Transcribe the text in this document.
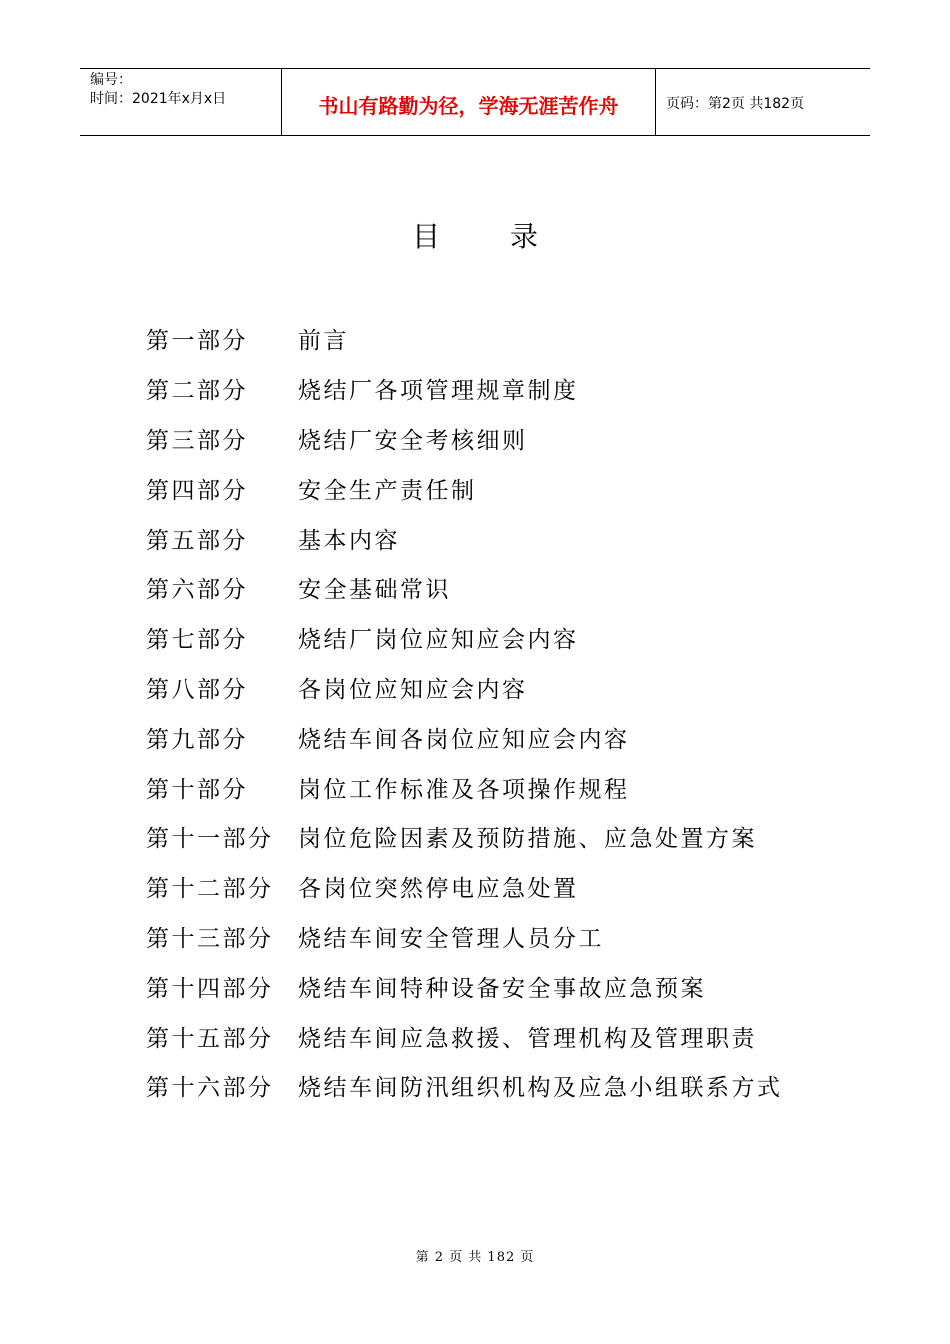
编号：
时间：2021年x月x日	书山有路勤为径，学海无涯苦作舟	页码：第2页 共182页
目	录
第一部分	前言
第二部分	烧结厂各项管理规章制度
第三部分	烧结厂安全考核细则
第四部分	安全生产责任制
第五部分	基本内容
第六部分	安全基础常识
第七部分	烧结厂岗位应知应会内容
第八部分	各岗位应知应会内容
第九部分	烧结车间各岗位应知应会内容
第十部分	岗位工作标准及各项操作规程
第十一部分	岗位危险因素及预防措施、应急处置方案
第十二部分	各岗位突然停电应急处置
第十三部分	烧结车间安全管理人员分工
第十四部分	烧结车间特种设备安全事故应急预案
第十五部分	烧结车间应急救援、管理机构及管理职责
第十六部分	烧结车间防汛组织机构及应急小组联系方式
第 2 页 共 182 页
